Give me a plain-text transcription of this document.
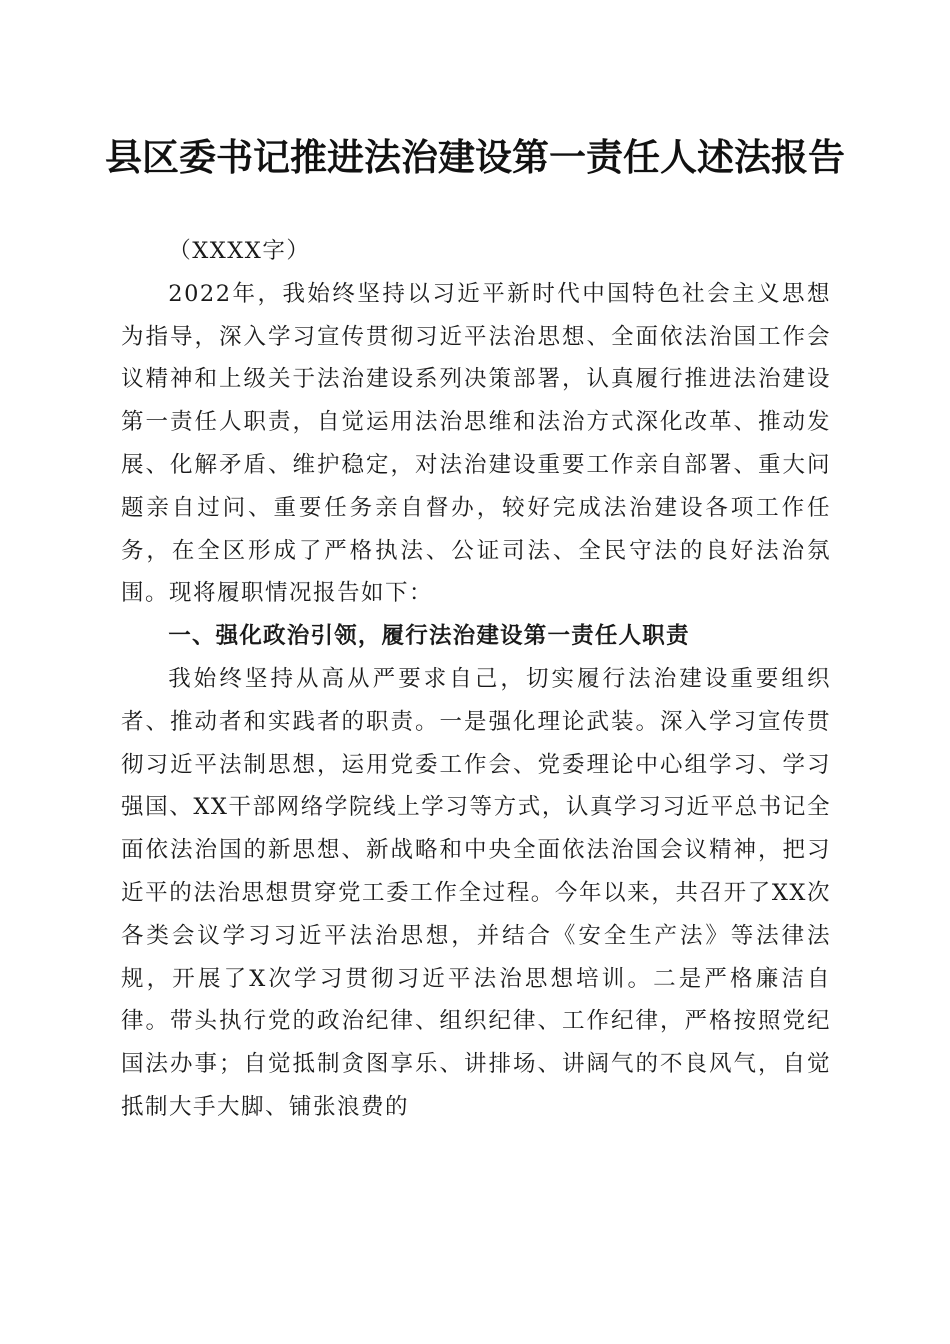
县区委书记推进法治建设第一责任人述法报告

（XXXX字）

2022年，我始终坚持以习近平新时代中国特色社会主义思想为指导，深入学习宣传贯彻习近平法治思想、全面依法治国工作会议精神和上级关于法治建设系列决策部署，认真履行推进法治建设第一责任人职责，自觉运用法治思维和法治方式深化改革、推动发展、化解矛盾、维护稳定，对法治建设重要工作亲自部署、重大问题亲自过问、重要任务亲自督办，较好完成法治建设各项工作任务，在全区形成了严格执法、公证司法、全民守法的良好法治氛围。现将履职情况报告如下：

一、强化政治引领，履行法治建设第一责任人职责

我始终坚持从高从严要求自己，切实履行法治建设重要组织者、推动者和实践者的职责。一是强化理论武装。深入学习宣传贯彻习近平法制思想，运用党委工作会、党委理论中心组学习、学习强国、XX干部网络学院线上学习等方式，认真学习习近平总书记全面依法治国的新思想、新战略和中央全面依法治国会议精神，把习近平的法治思想贯穿党工委工作全过程。今年以来，共召开了XX次各类会议学习习近平法治思想，并结合《安全生产法》等法律法规，开展了X次学习贯彻习近平法治思想培训。二是严格廉洁自律。带头执行党的政治纪律、组织纪律、工作纪律，严格按照党纪国法办事；自觉抵制贪图享乐、讲排场、讲阔气的不良风气，自觉抵制大手大脚、铺张浪费的
